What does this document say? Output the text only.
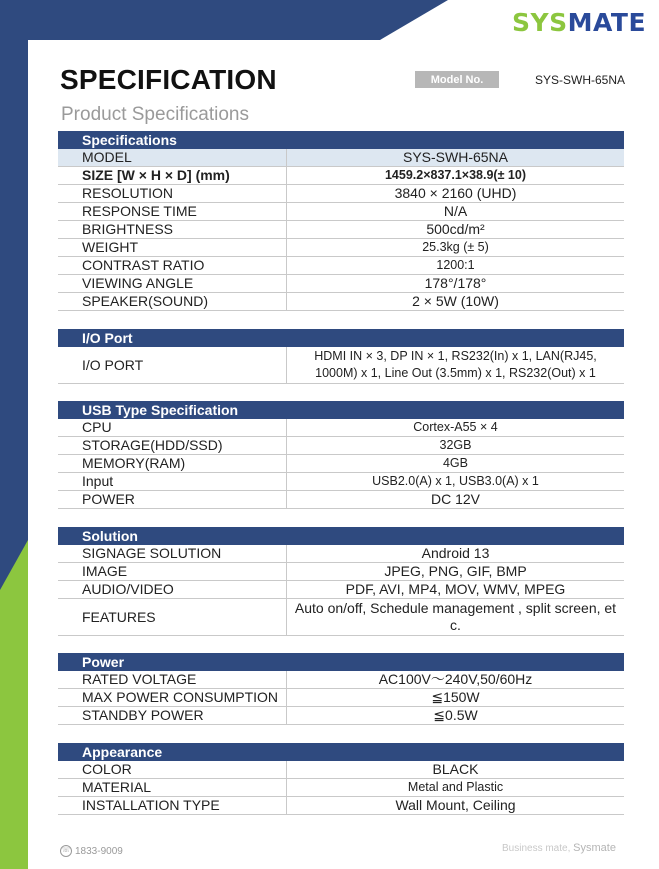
SYSMATE
SPECIFICATION
Product Specifications
Model No.	SYS-SWH-65NA
Specifications
MODEL	SYS-SWH-65NA
SIZE [W × H × D] (mm)	1459.2×837.1×38.9(± 10)
RESOLUTION	3840 × 2160 (UHD)
RESPONSE TIME	N/A
BRIGHTNESS	500cd/m²
WEIGHT	25.3kg (± 5)
CONTRAST RATIO	1200:1
VIEWING ANGLE	178°/178°
SPEAKER(SOUND)	2 × 5W (10W)
I/O Port
I/O PORT	
HDMI IN × 3, DP IN × 1, RS232(In) x 1, LAN(RJ45,
1000M) x 1, Line Out (3.5mm) x 1, RS232(Out) x 1
USB Type Specification
CPU	Cortex-A55 × 4
STORAGE(HDD/SSD)	32GB
MEMORY(RAM)	4GB
Input	USB2.0(A) x 1, USB3.0(A) x 1
POWER	DC 12V
Solution
SIGNAGE SOLUTION	Android 13
IMAGE	JPEG, PNG, GIF, BMP
AUDIO/VIDEO	PDF, AVI, MP4, MOV, WMV, MPEG
FEATURES	Auto on/off, Schedule management , split screen, et
c.
Power
RATED VOLTAGE	AC100V～240V,50/60Hz
MAX POWER CONSUMPTION	≦150W
STANDBY POWER	≦0.5W
Appearance
COLOR	BLACK
MATERIAL	Metal and Plastic
INSTALLATION TYPE	Wall Mount, Ceiling
☏ 1833-9009	Business mate, Sysmate
